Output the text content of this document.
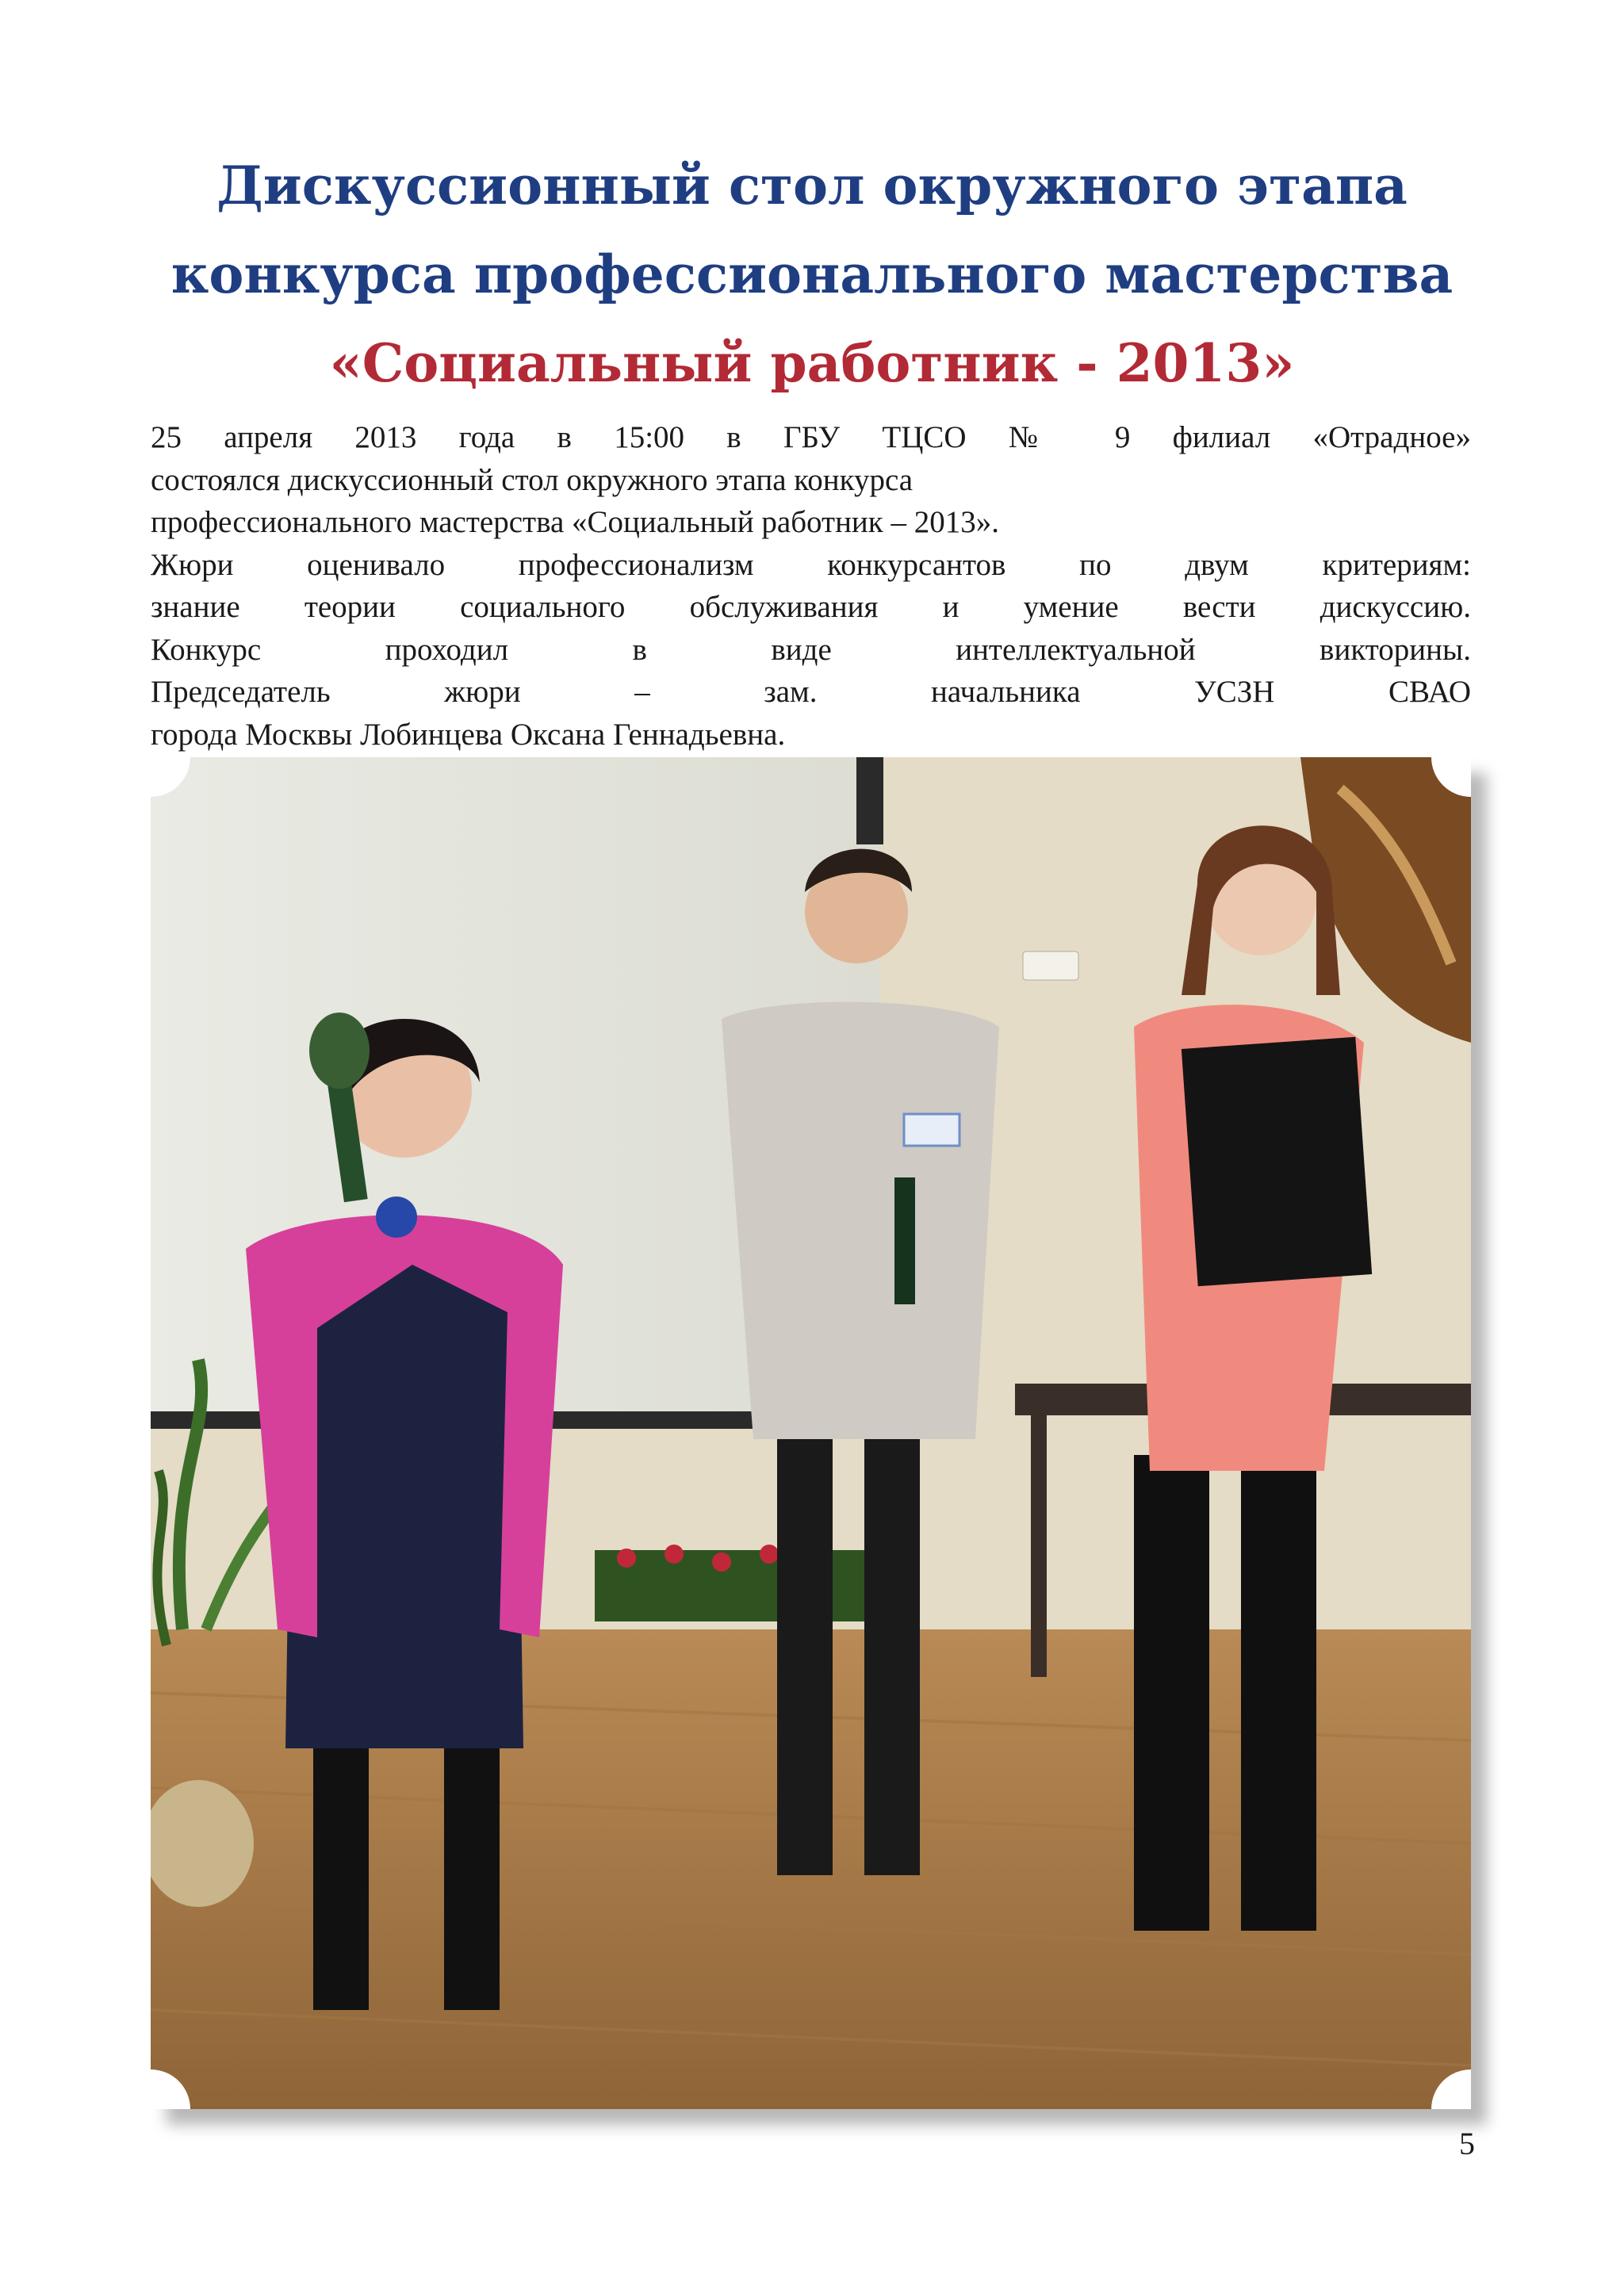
Дискуссионный стол окружного этапа
конкурса профессионального мастерства
«Социальный работник - 2013»

25 апреля 2013 года в 15:00 в ГБУ ТЦСО № 9 филиал «Отрадное»

состоялся дискуссионный стол окружного этапа конкурса

профессионального мастерства «Социальный работник – 2013».

Жюри оценивало профессионализм конкурсантов по двум критериям:

знание теории социального обслуживания и умение вести дискуссию.

Конкурс проходил в виде интеллектуальной викторины.

Председатель жюри – зам. начальника УСЗН СВАО

города Москвы Лобинцева Оксана Геннадьевна.

5
